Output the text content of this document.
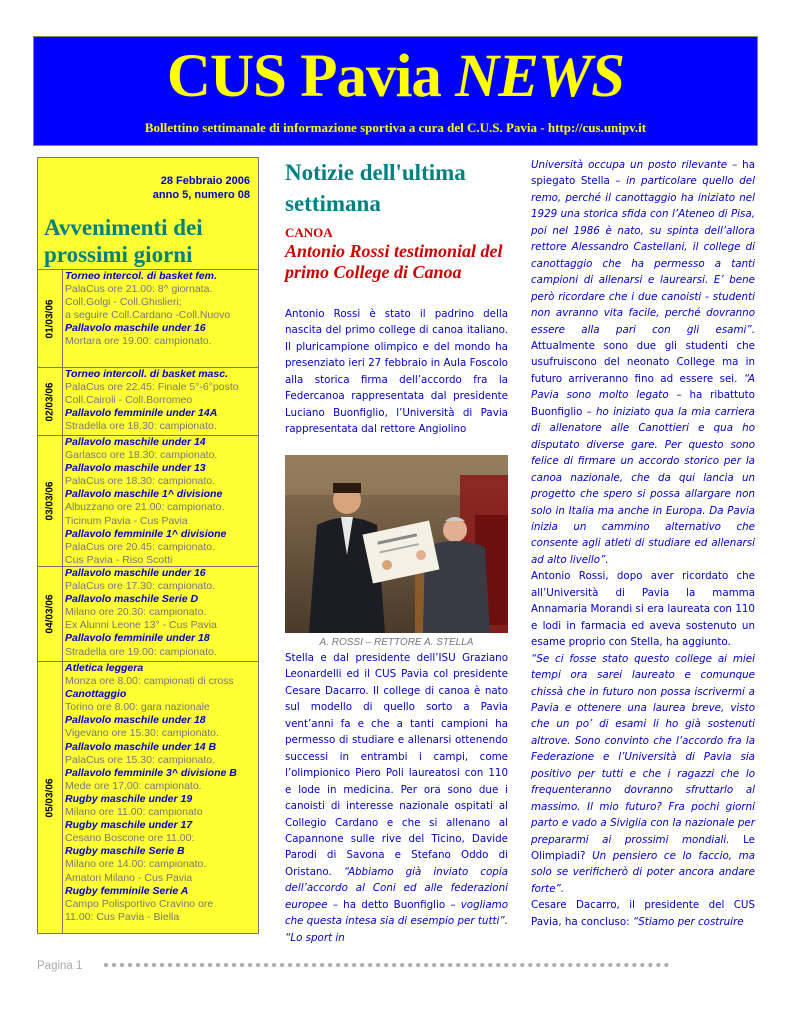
CUS Pavia NEWS
Bollettino settimanale di informazione sportiva a cura del C.U.S. Pavia - http://cus.unipv.it
28 Febbraio 2006
anno 5, numero 08
Avvenimenti dei
prossimi giorni
01/03/06
Torneo intercol. di basket fem.
PalaCus ore 21.00: 8^ giornata.
Coll.Golgi - Coll.Ghislieri;
a seguire Coll.Cardano -Coll.Nuovo
Pallavolo maschile under 16
Mortara ore 19.00: campionato.
02/03/06
Torneo intercoll. di basket masc.
PalaCus ore 22.45: Finale 5°-6°posto
Coll.Cairoli - Coll.Borromeo
Pallavolo femminile under 14A
Stradella ore 18.30: campionato.
03/03/06
Pallavolo maschile under 14
Garlasco ore 18.30: campionato.
Pallavolo maschile under 13
PalaCus ore 18.30: campionato.
Pallavolo maschile 1^ divisione
Albuzzano ore 21.00: campionato.
Ticinum Pavia - Cus Pavia
Pallavolo femminile 1^ divisione
PalaCus ore 20.45: campionato.
Cus Pavia - Riso Scotti
04/03/06
Pallavolo maschile under 16
PalaCus ore 17.30: campionato.
Pallavolo maschile Serie D
Milano ore 20.30: campionato.
Ex Alunni Leone 13° - Cus Pavia
Pallavolo femminile under 18
Stradella ore 19.00: campionato.
05/03/06
Atletica leggera
Monza ore 8.00: campionati di cross
Canottaggio
Torino ore 8.00: gara nazionale
Pallavolo maschile under 18
Vigevano ore 15.30: campionato.
Pallavolo maschile under 14 B
PalaCus ore 15.30: campionato.
Pallavolo femminile 3^ divisione B
Mede ore 17.00: campionato.
Rugby maschile under 19
Milano ore 11.00: campionato
Rugby maschile under 17
Cesano Boscone ore 11.00:
Rugby maschile Serie B
Milano ore 14.00: campionato.
Amatori Milano - Cus Pavia
Rugby femminile Serie A
Campo Polisportivo Cravino ore
11.00: Cus Pavia - Biella
Notizie dell'ultima settimana
CANOA
Antonio Rossi testimonial del primo College di Canoa

Antonio Rossi è stato il padrino della nascita del primo college di canoa italiano. Il pluricampione olimpico e del mondo ha presenziato ieri 27 febbraio in Aula Foscolo alla storica firma dell’accordo fra la Federcanoa rappresentata dal presidente Luciano Buonfiglio, l’Università di Pavia rappresentata dal rettore Angiolino

A. ROSSI – RETTORE A. STELLA

Stella e dal presidente dell’ISU Graziano Leonardelli ed il CUS Pavia col presidente Cesare Dacarro. Il college di canoa è nato sul modello di quello sorto a Pavia vent’anni fa e che a tanti campioni ha permesso di studiare e allenarsi ottenendo successi in entrambi i campi, come l’olimpionico Piero Poli laureatosi con 110 e lode in medicina. Per ora sono due i canoisti di interesse nazionale ospitati al Collegio Cardano e che si allenano al Capannone sulle rive del Ticino, Davide Parodi di Savona e Stefano Oddo di Oristano. “Abbiamo già inviato copia dell’accordo al Coni ed alle federazioni europee – ha detto Buonfiglio – vogliamo che questa intesa sia di esempio per tutti”. “Lo sport in

Università occupa un posto rilevante – ha spiegato Stella – in particolare quello del remo, perché il canottaggio ha iniziato nel 1929 una storica sfida con l’Ateneo di Pisa, poi nel 1986 è nato, su spinta dell’allora rettore Alessandro Castellani, il college di canottaggio che ha permesso a tanti campioni di allenarsi e laurearsi. E’ bene però ricordare che i due canoisti - studenti non avranno vita facile, perché dovranno essere alla pari con gli esami”. Attualmente sono due gli studenti che usufruiscono del neonato College ma in futuro arriveranno fino ad essere sei. “A Pavia sono molto legato – ha ribattuto Buonfiglio – ho iniziato qua la mia carriera di allenatore alle Canottieri e qua ho disputato diverse gare. Per questo sono felice di firmare un accordo storico per la canoa nazionale, che da qui lancia un progetto che spero si possa allargare non solo in Italia ma anche in Europa. Da Pavia inizia un cammino alternativo che consente agli atleti di studiare ed allenarsi ad alto livello”.

Antonio Rossi, dopo aver ricordato che all’Università di Pavia la mamma Annamaria Morandi si era laureata con 110 e lodi in farmacia ed aveva sostenuto un esame proprio con Stella, ha aggiunto.

“Se ci fosse stato questo college ai miei tempi ora sarei laureato e comunque chissà che in futuro non possa iscrivermi a Pavia e ottenere una laurea breve, visto che un po’ di esami li ho già sostenuti altrove. Sono convinto che l’accordo fra la Federazione e l’Università di Pavia sia positivo per tutti e che i ragazzi che lo frequenteranno dovranno sfruttarlo al massimo. Il mio futuro? Fra pochi giorni parto e vado a Siviglia con la nazionale per prepararmi ai prossimi mondiali. Le Olimpiadi? Un pensiero ce lo faccio, ma solo se verificherò di poter ancora andare forte”.

Cesare Dacarro, il presidente del CUS Pavia, ha concluso: “Stiamo per costruire

Pagina 1
